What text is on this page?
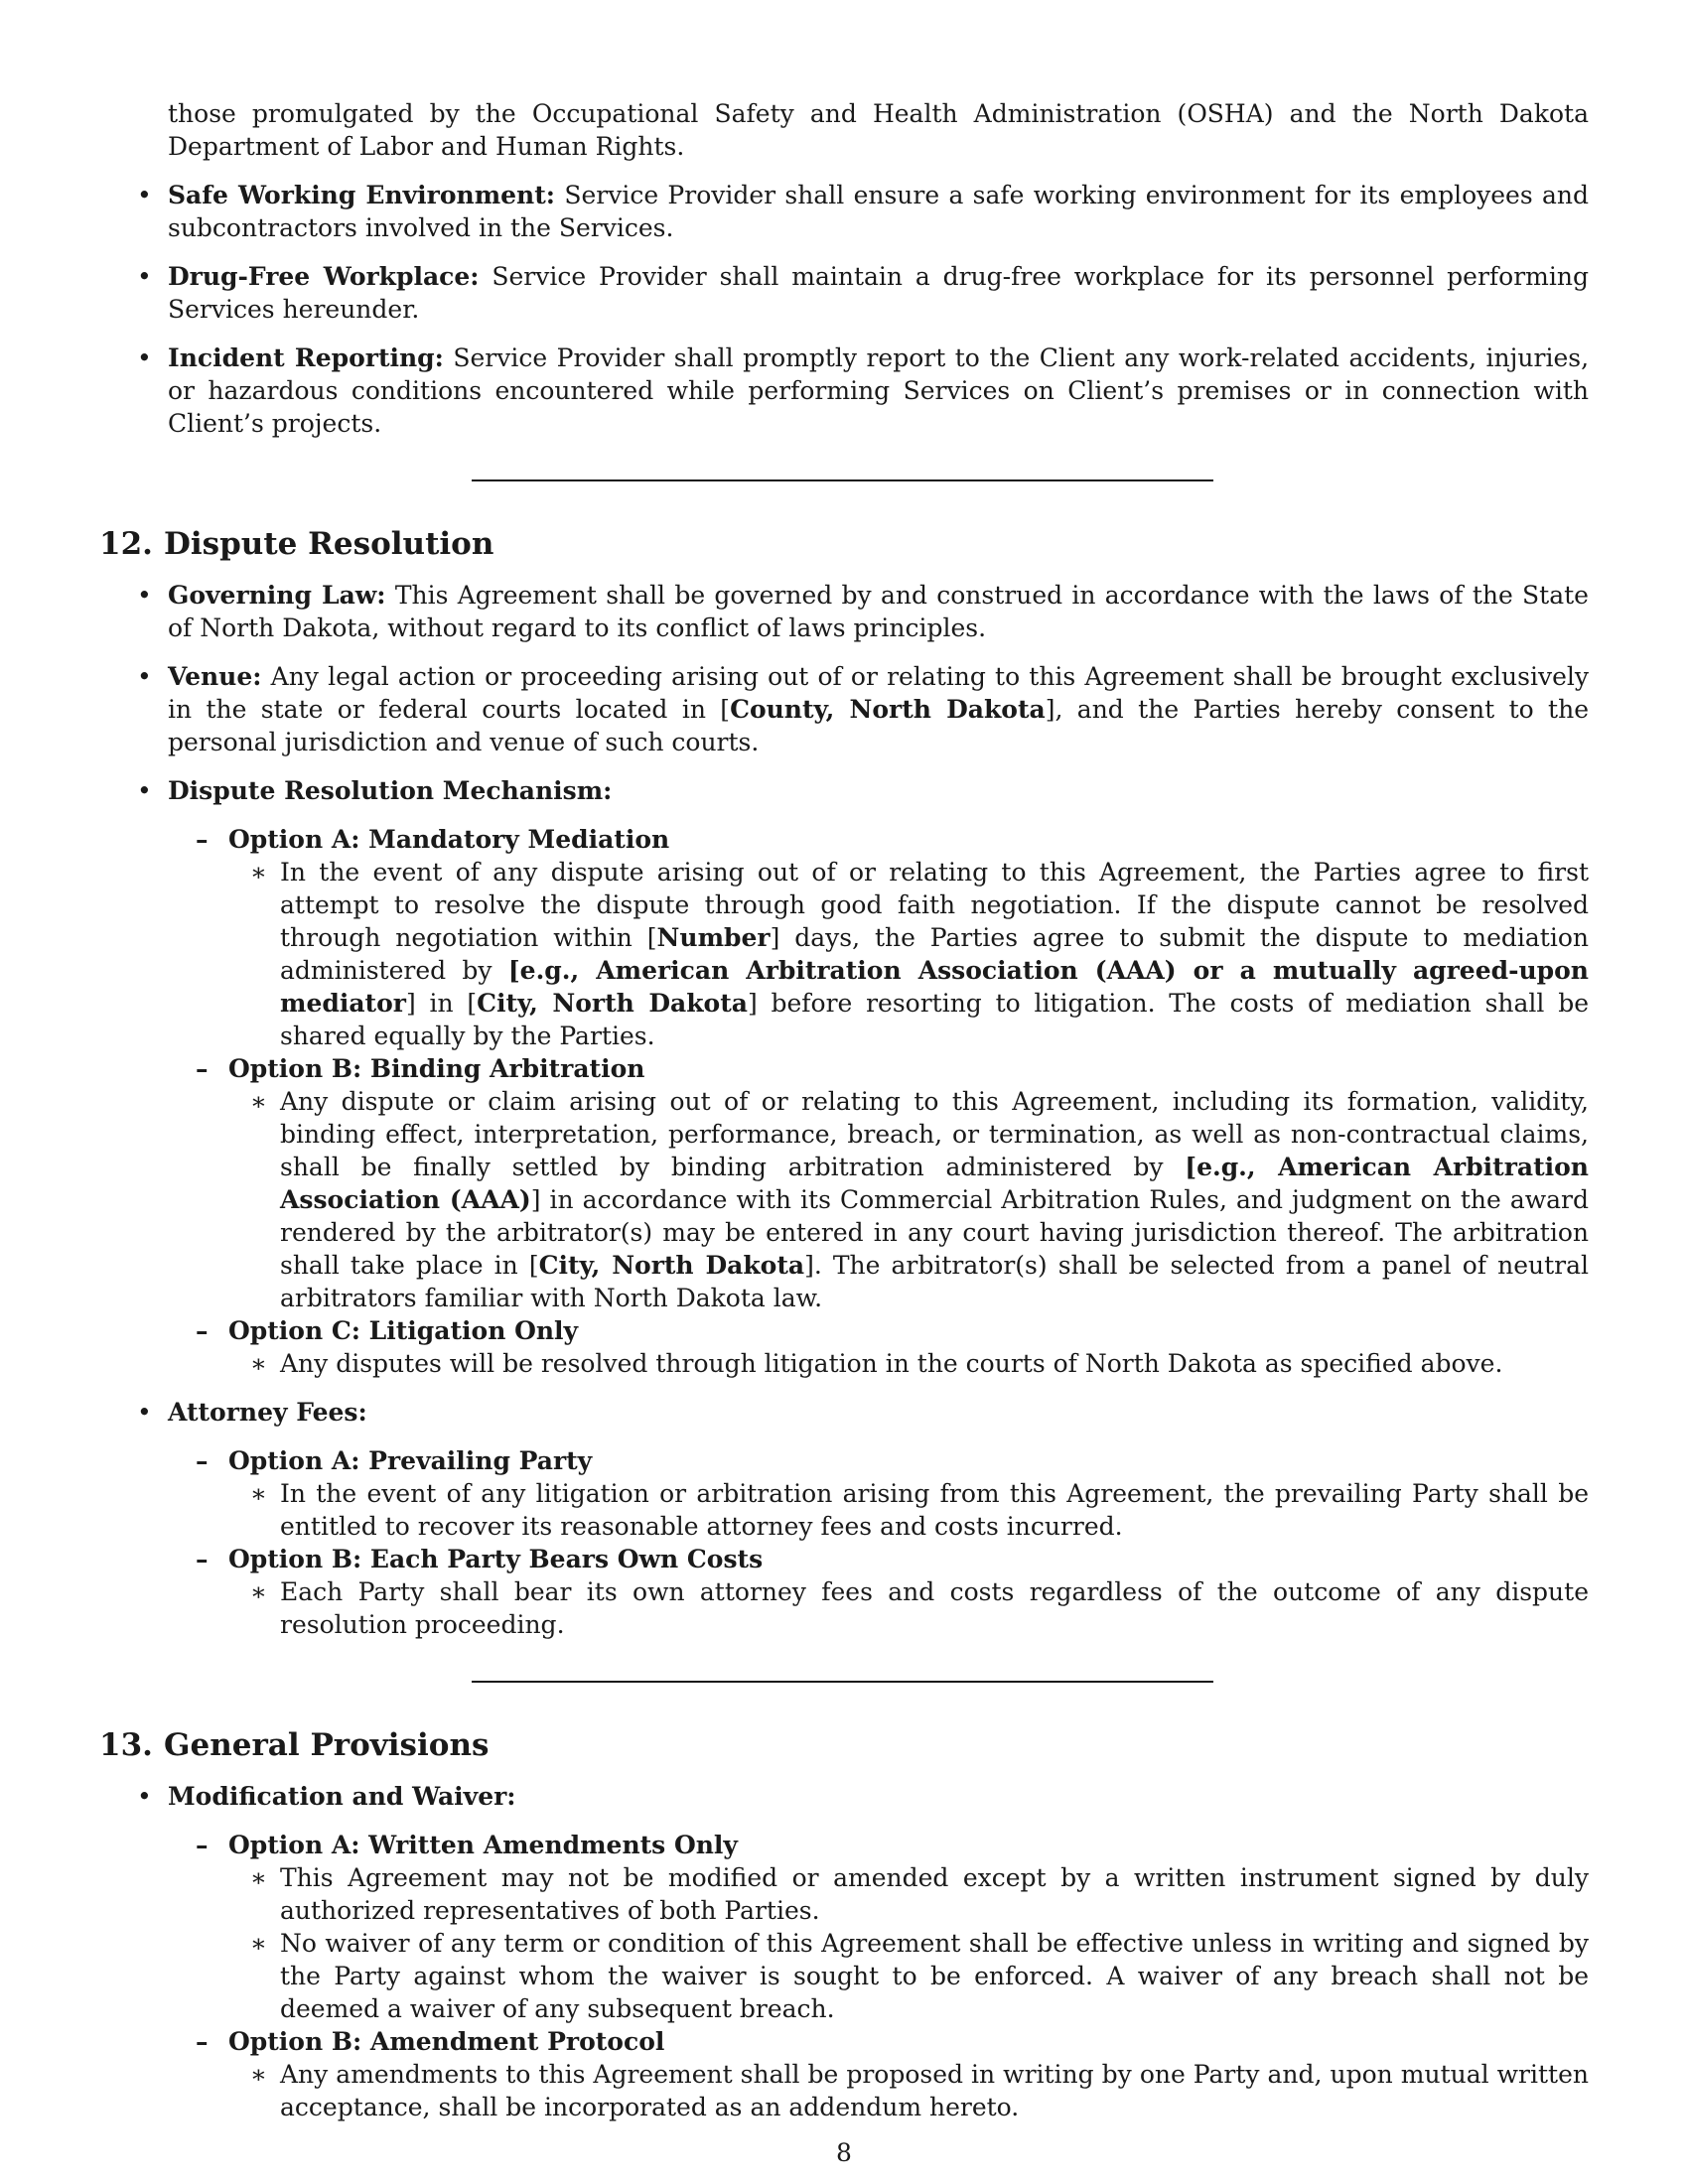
those promulgated by the Occupational Safety and Health Administration (OSHA) and the North Dakota Department of Labor and Human Rights.
• Safe Working Environment: Service Provider shall ensure a safe working environment for its employees and subcontractors involved in the Services.
• Drug-Free Workplace: Service Provider shall maintain a drug-free workplace for its personnel performing Services hereunder.
• Incident Reporting: Service Provider shall promptly report to the Client any work-related accidents, injuries, or hazardous conditions encountered while performing Services on Client’s premises or in connection with Client’s projects.
12. Dispute Resolution
• Governing Law: This Agreement shall be governed by and construed in accordance with the laws of the State of North Dakota, without regard to its conflict of laws principles.
• Venue: Any legal action or proceeding arising out of or relating to this Agreement shall be brought exclusively in the state or federal courts located in [County, North Dakota], and the Parties hereby consent to the personal jurisdiction and venue of such courts.
• Dispute Resolution Mechanism:
– Option A: Mandatory Mediation
∗ In the event of any dispute arising out of or relating to this Agreement, the Parties agree to first attempt to resolve the dispute through good faith negotiation. If the dispute cannot be resolved through negotiation within [Number] days, the Parties agree to submit the dispute to mediation administered by [e.g., American Arbitration Association (AAA) or a mutually agreed-upon mediator] in [City, North Dakota] before resorting to litigation. The costs of mediation shall be shared equally by the Parties.
– Option B: Binding Arbitration
∗ Any dispute or claim arising out of or relating to this Agreement, including its formation, validity, binding effect, interpretation, performance, breach, or termination, as well as non-contractual claims, shall be finally settled by binding arbitration administered by [e.g., American Arbitration Association (AAA)] in accordance with its Commercial Arbitration Rules, and judgment on the award rendered by the arbitrator(s) may be entered in any court having jurisdiction thereof. The arbitration shall take place in [City, North Dakota]. The arbitrator(s) shall be selected from a panel of neutral arbitrators familiar with North Dakota law.
– Option C: Litigation Only
∗ Any disputes will be resolved through litigation in the courts of North Dakota as specified above.
• Attorney Fees:
– Option A: Prevailing Party
∗ In the event of any litigation or arbitration arising from this Agreement, the prevailing Party shall be entitled to recover its reasonable attorney fees and costs incurred.
– Option B: Each Party Bears Own Costs
∗ Each Party shall bear its own attorney fees and costs regardless of the outcome of any dispute resolution proceeding.
13. General Provisions
• Modification and Waiver:
– Option A: Written Amendments Only
∗ This Agreement may not be modified or amended except by a written instrument signed by duly authorized representatives of both Parties.
∗ No waiver of any term or condition of this Agreement shall be effective unless in writing and signed by the Party against whom the waiver is sought to be enforced. A waiver of any breach shall not be deemed a waiver of any subsequent breach.
– Option B: Amendment Protocol
∗ Any amendments to this Agreement shall be proposed in writing by one Party and, upon mutual written acceptance, shall be incorporated as an addendum hereto.
8
